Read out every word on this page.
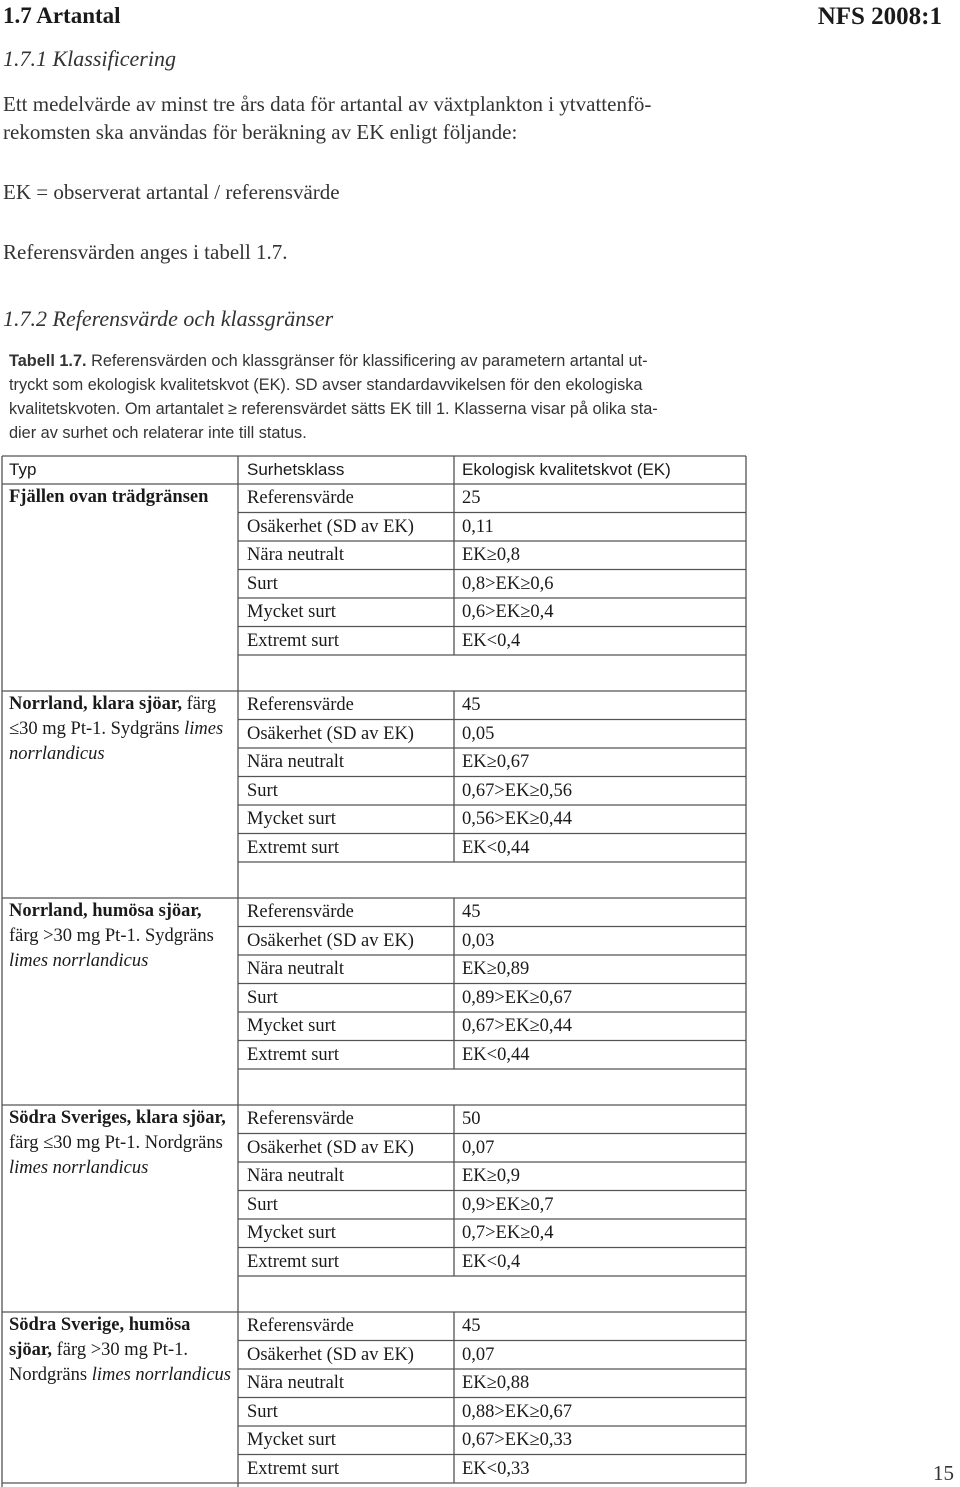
1.7 Artantal	NFS 2008:1
1.7.1 Klassificering
Ett medelvärde av minst tre års data för artantal av växtplankton i ytvattenfö-
rekomsten ska användas för beräkning av EK enligt följande:
EK = observerat artantal / referensvärde
Referensvärden anges i tabell 1.7.
1.7.2 Referensvärde och klassgränser
Tabell 1.7. Referensvärden och klassgränser för klassificering av parametern artantal ut-
tryckt som ekologisk kvalitetskvot (EK). SD avser standardavvikelsen för den ekologiska
kvalitetskvoten. Om artantalet ≥ referensvärdet sätts EK till 1. Klasserna visar på olika sta-
dier av surhet och relaterar inte till status.
Typ	Surhetsklass	Ekologisk kvalitetskvot (EK)
Fjällen ovan trädgränsen	Referensvärde	25
Osäkerhet (SD av EK)	0,11
Nära neutralt	EK≥0,8
Surt	0,8>EK≥0,6
Mycket surt	0,6>EK≥0,4
Extremt surt	EK<0,4
Norrland, klara sjöar, färg ≤30 mg Pt-1. Sydgräns limes norrlandicus
Referensvärde	45
Osäkerhet (SD av EK)	0,05
Nära neutralt	EK≥0,67
Surt	0,67>EK≥0,56
Mycket surt	0,56>EK≥0,44
Extremt surt	EK<0,44
Norrland, humösa sjöar, färg >30 mg Pt-1. Sydgräns limes norrlandicus
Referensvärde	45
Osäkerhet (SD av EK)	0,03
Nära neutralt	EK≥0,89
Surt	0,89>EK≥0,67
Mycket surt	0,67>EK≥0,44
Extremt surt	EK<0,44
Södra Sveriges, klara sjöar, färg ≤30 mg Pt-1. Nordgräns limes norrlandicus
Referensvärde	50
Osäkerhet (SD av EK)	0,07
Nära neutralt	EK≥0,9
Surt	0,9>EK≥0,7
Mycket surt	0,7>EK≥0,4
Extremt surt	EK<0,4
Södra Sverige, humösa sjöar, färg >30 mg Pt-1. Nordgräns limes norrlandicus
Referensvärde	45
Osäkerhet (SD av EK)	0,07
Nära neutralt	EK≥0,88
Surt	0,88>EK≥0,67
Mycket surt	0,67>EK≥0,33
Extremt surt	EK<0,33	15
